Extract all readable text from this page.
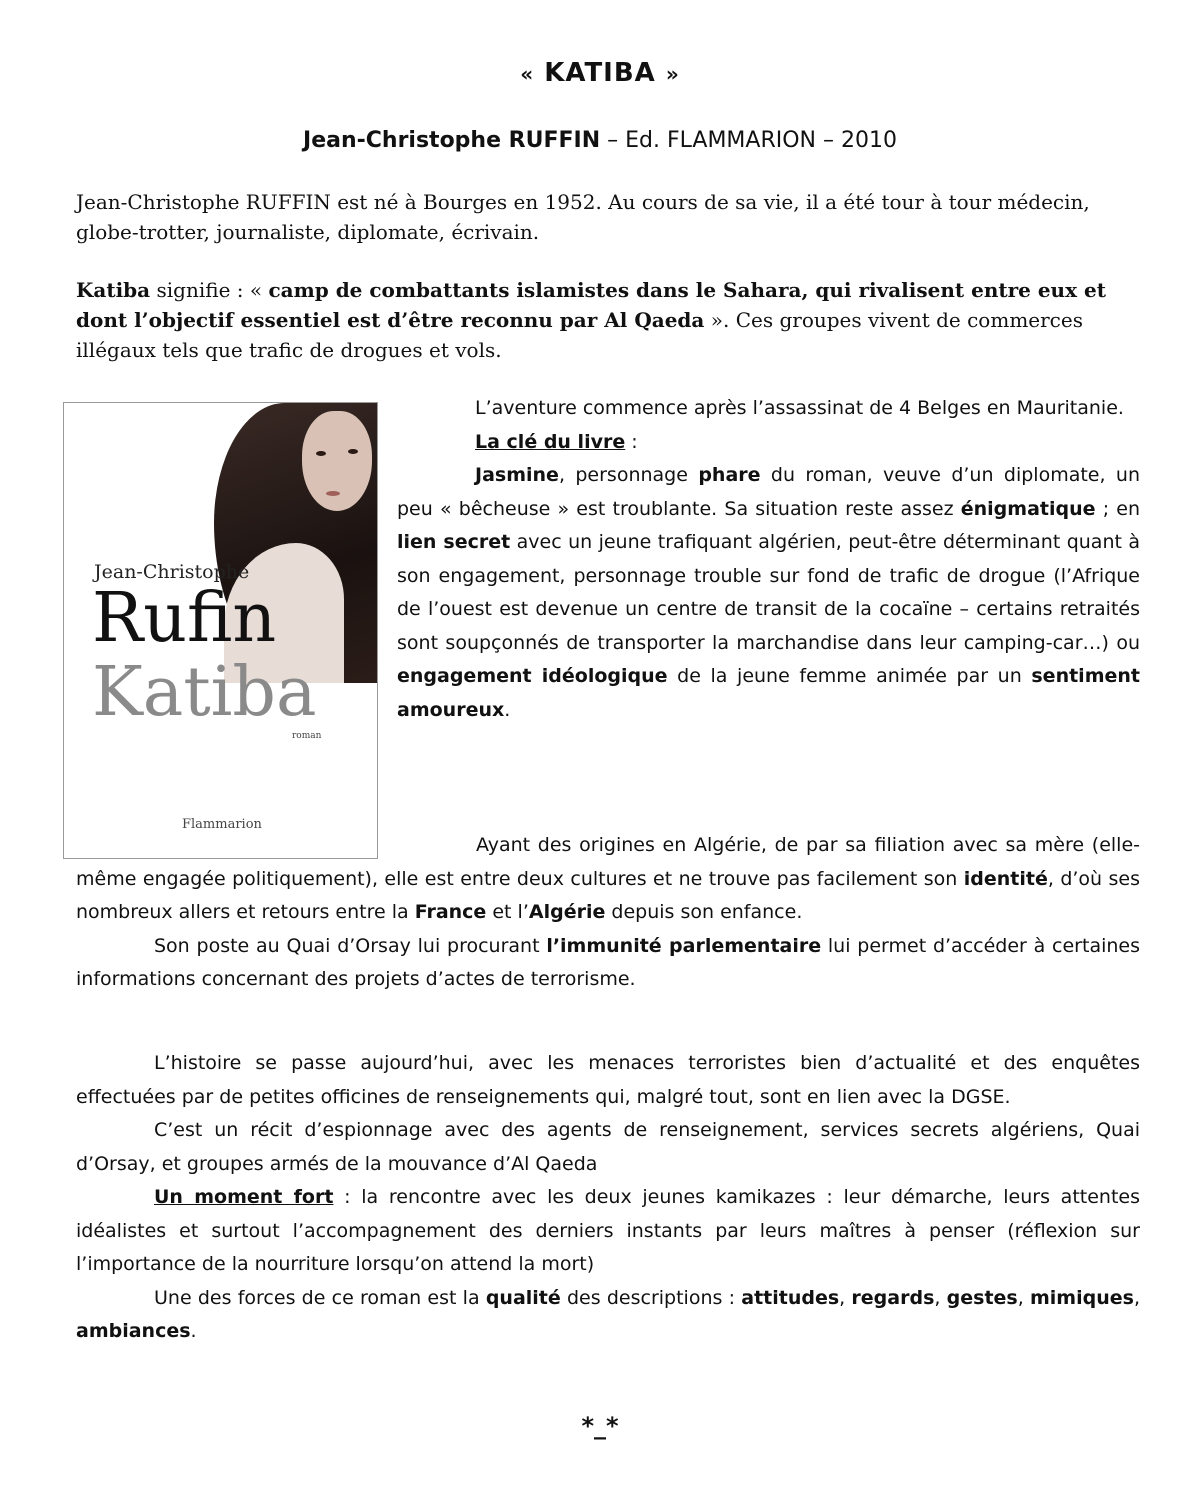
« KATIBA »
Jean-Christophe RUFFIN – Ed. FLAMMARION – 2010
Jean-Christophe RUFFIN est né à Bourges en 1952. Au cours de sa vie, il a été tour à tour médecin, globe-trotter, journaliste, diplomate, écrivain.
Katiba signifie : « camp de combattants islamistes dans le Sahara, qui rivalisent entre eux et dont l’objectif essentiel est d’être reconnu par Al Qaeda ». Ces groupes vivent de commerces illégaux tels que trafic de drogues et vols.
Jean-Christophe
Rufin
Katiba
roman
Flammarion

L’aventure commence après l’assassinat de 4 Belges en Mauritanie.

La clé du livre :

Jasmine, personnage phare du roman, veuve d’un diplomate, un peu « bêcheuse » est troublante. Sa situation reste assez énigmatique ; en lien secret avec un jeune trafiquant algérien, peut-être déterminant quant à son engagement, personnage trouble sur fond de trafic de drogue (l’Afrique de l’ouest est devenue un centre de transit de la cocaïne – certains retraités sont soupçonnés de transporter la marchandise dans leur camping-car…) ou engagement idéologique de la jeune femme animée par un sentiment amoureux.

Ayant des origines en Algérie, de par sa filiation avec sa mère (elle-même engagée politiquement), elle est entre deux cultures et ne trouve pas facilement son identité, d’où ses nombreux allers et retours entre la France et l’Algérie depuis son enfance.

Son poste au Quai d’Orsay lui procurant l’immunité parlementaire lui permet d’accéder à certaines informations concernant des projets d’actes de terrorisme.

L’histoire se passe aujourd’hui, avec les menaces terroristes bien d’actualité et des enquêtes effectuées par de petites officines de renseignements qui, malgré tout, sont en lien avec la DGSE.

C’est un récit d’espionnage avec des agents de renseignement, services secrets algériens, Quai d’Orsay, et groupes armés de la mouvance d’Al Qaeda

Un moment fort : la rencontre avec les deux jeunes kamikazes : leur démarche, leurs attentes idéalistes et surtout l’accompagnement des derniers instants par leurs maîtres à penser (réflexion sur l’importance de la nourriture lorsqu’on attend la mort)

Une des forces de ce roman est la qualité des descriptions : attitudes, regards, gestes, mimiques, ambiances.

*_*
